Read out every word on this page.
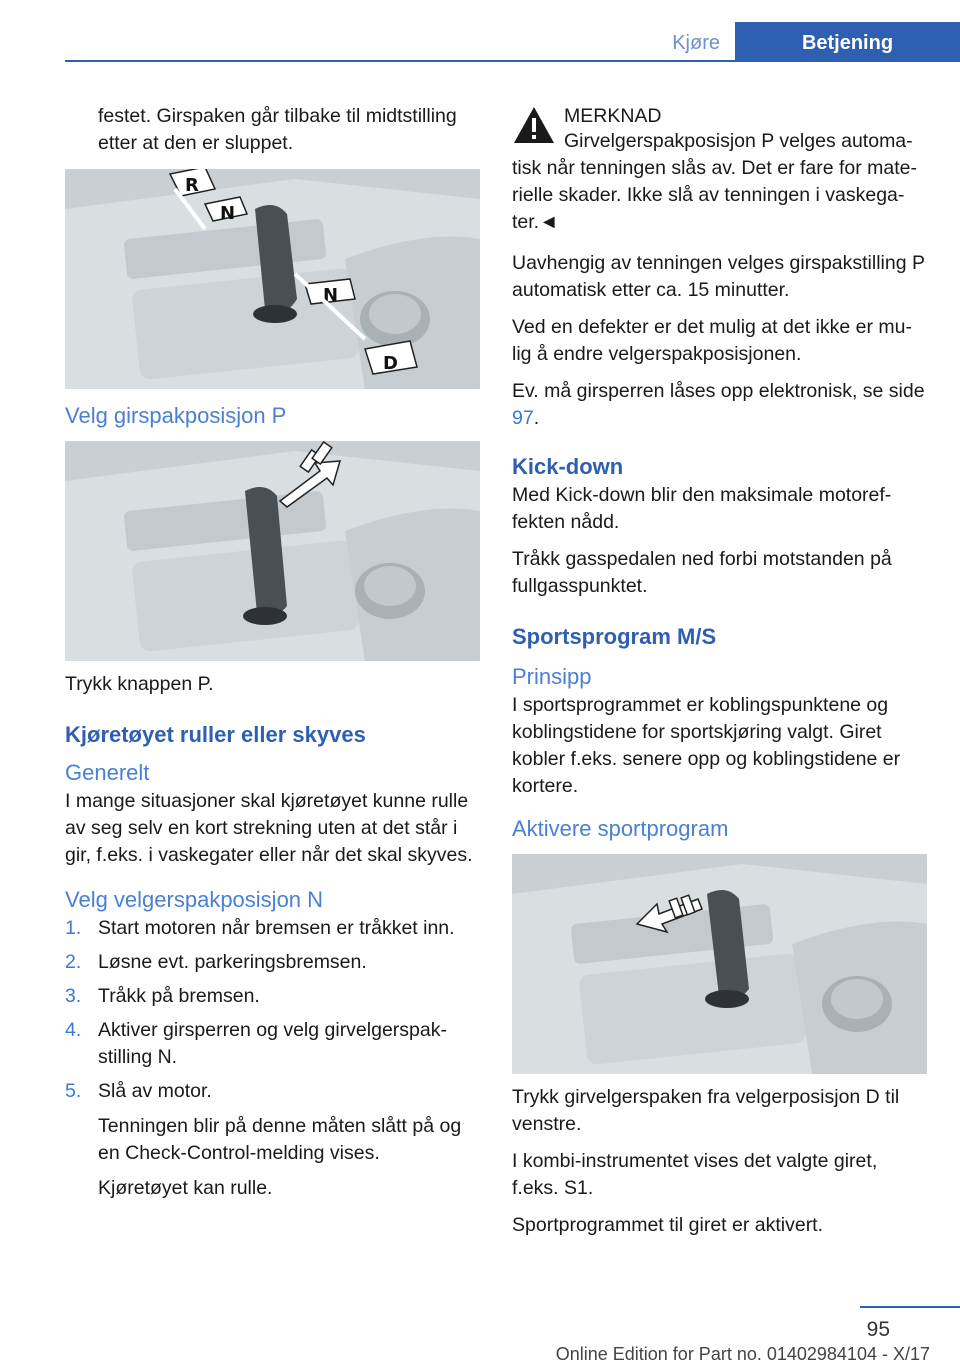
Kjøre	Betjening

festet. Girspaken går tilbake til midtstilling etter at den er sluppet.

R
N
N
D
Velg girspakposisjon P

Trykk knappen P.

Kjøretøyet ruller eller skyves
Generelt

I mange situasjoner skal kjøretøyet kunne rulle av seg selv en kort strekning uten at det står i gir, f.eks. i vaskegater eller når det skal skyves.

Velg velgerspakposisjon N
1. Start motoren når bremsen er tråkket inn.
2. Løsne evt. parkeringsbremsen.
3. Tråkk på bremsen.
4. Aktiver girsperren og velg girvelgerspak-stilling N.
5. Slå av motor.
Tenningen blir på denne måten slått på og en Check-Control-melding vises.
Kjøretøyet kan rulle.

MERKNAD

Girvelgerspakposisjon P velges automa-tisk når tenningen slås av. Det er fare for mate-rielle skader. Ikke slå av tenningen i vaskega-ter.◄

Uavhengig av tenningen velges girspakstilling P automatisk etter ca. 15 minutter.

Ved en defekter er det mulig at det ikke er mu-lig å endre velgerspakposisjonen.

Ev. må girsperren låses opp elektronisk, se side 97.

Kick-down

Med Kick-down blir den maksimale motoref-fekten nådd.

Tråkk gasspedalen ned forbi motstanden på fullgasspunktet.

Sportsprogram M/S
Prinsipp

I sportsprogrammet er koblingspunktene og koblingstidene for sportskjøring valgt. Giret kobler f.eks. senere opp og koblingstidene er kortere.

Aktivere sportprogram

Trykk girvelgerspaken fra velgerposisjon D til venstre.

I kombi-instrumentet vises det valgte giret, f.eks. S1.

Sportprogrammet til giret er aktivert.

95
Online Edition for Part no. 01402984104 - X/17
